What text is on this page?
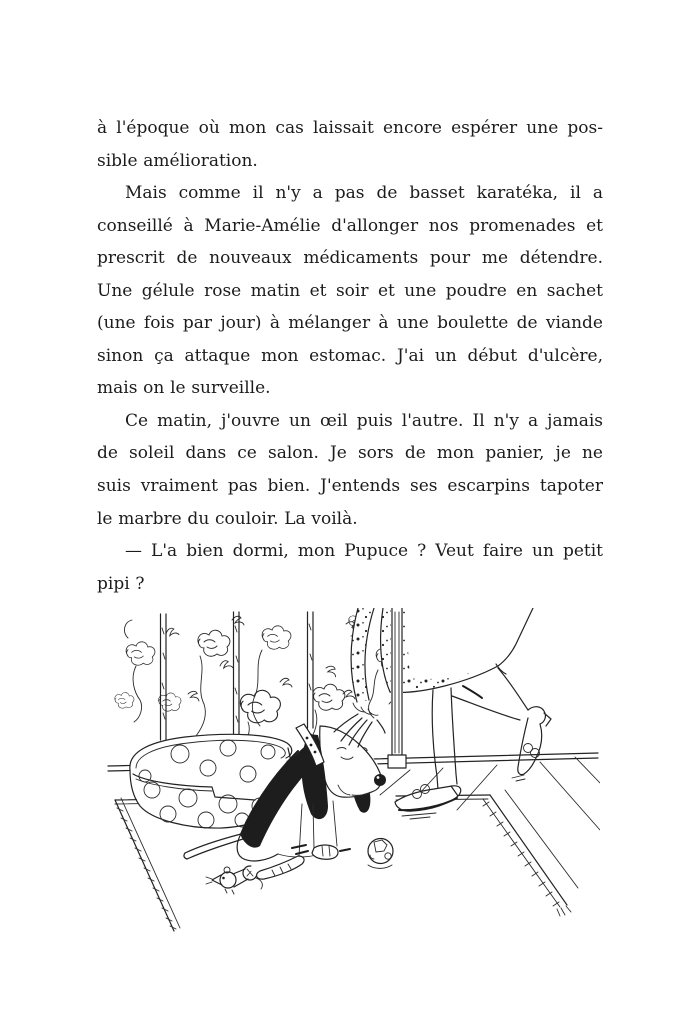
à l'époque où mon cas laissait encore espérer une pos-
sible amélioration.
Mais comme il n'y a pas de basset karatéka, il a
conseillé à Marie-Amélie d'allonger nos promenades et
prescrit de nouveaux médicaments pour me détendre.
Une gélule rose matin et soir et une poudre en sachet
(une fois par jour) à mélanger à une boulette de viande
sinon ça attaque mon estomac. J'ai un début d'ulcère,
mais on le surveille.
Ce matin, j'ouvre un œil puis l'autre. Il n'y a jamais
de soleil dans ce salon. Je sors de mon panier, je ne
suis vraiment pas bien. J'entends ses escarpins tapoter
le marbre du couloir. La voilà.
— L'a bien dormi, mon Pupuce ? Veut faire un petit
pipi ?
